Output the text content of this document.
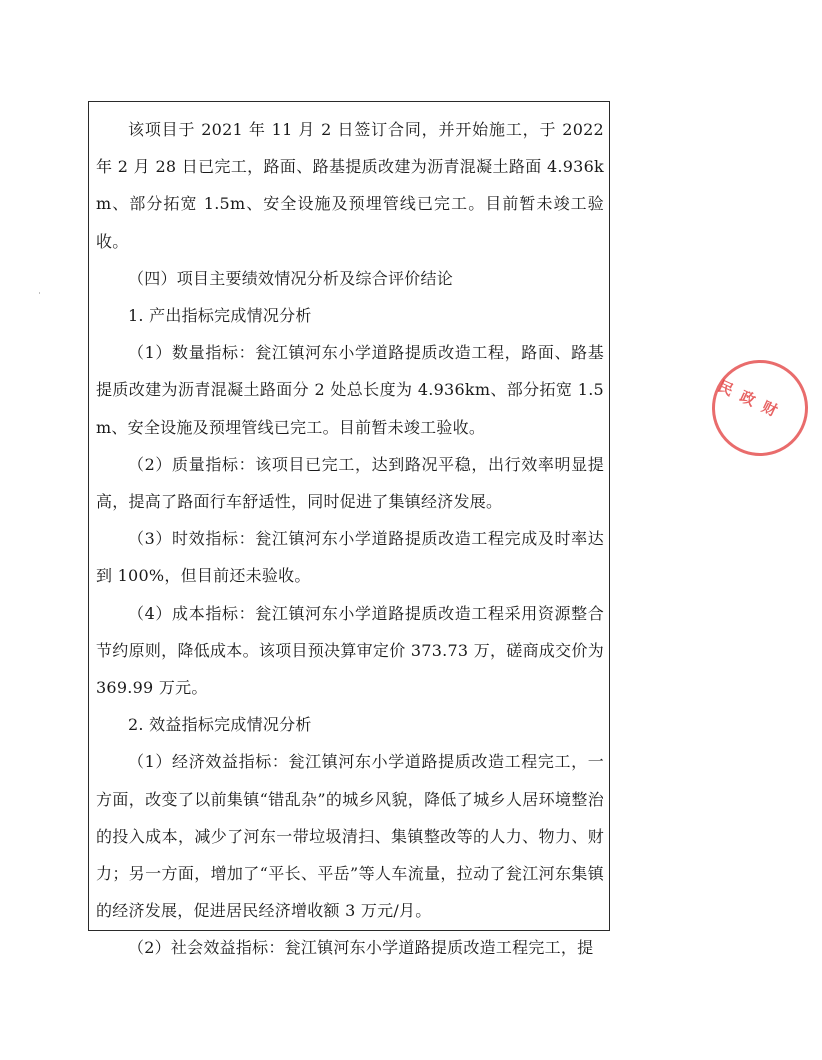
该项目于 2021 年 11 月 2 日签订合同，并开始施工，于 2022 年 2 月 28 日已完工，路面、路基提质改建为沥青混凝土路面 4.936km、部分拓宽 1.5m、安全设施及预埋管线已完工。目前暂未竣工验收。

（四）项目主要绩效情况分析及综合评价结论

1. 产出指标完成情况分析

（1）数量指标：瓮江镇河东小学道路提质改造工程，路面、路基提质改建为沥青混凝土路面分 2 处总长度为 4.936km、部分拓宽 1.5m、安全设施及预埋管线已完工。目前暂未竣工验收。

（2）质量指标：该项目已完工，达到路况平稳，出行效率明显提高，提高了路面行车舒适性，同时促进了集镇经济发展。

（3）时效指标：瓮江镇河东小学道路提质改造工程完成及时率达到 100%，但目前还未验收。

（4）成本指标：瓮江镇河东小学道路提质改造工程采用资源整合节约原则，降低成本。该项目预决算审定价 373.73 万，磋商成交价为 369.99 万元。

2. 效益指标完成情况分析

（1）经济效益指标：瓮江镇河东小学道路提质改造工程完工，一方面，改变了以前集镇“错乱杂”的城乡风貌，降低了城乡人居环境整治的投入成本，减少了河东一带垃圾清扫、集镇整改等的人力、物力、财力；另一方面，增加了“平长、平岳”等人车流量，拉动了瓮江河东集镇的经济发展，促进居民经济增收额 3 万元/月。

（2）社会效益指标：瓮江镇河东小学道路提质改造工程完工，提

民 政 财
